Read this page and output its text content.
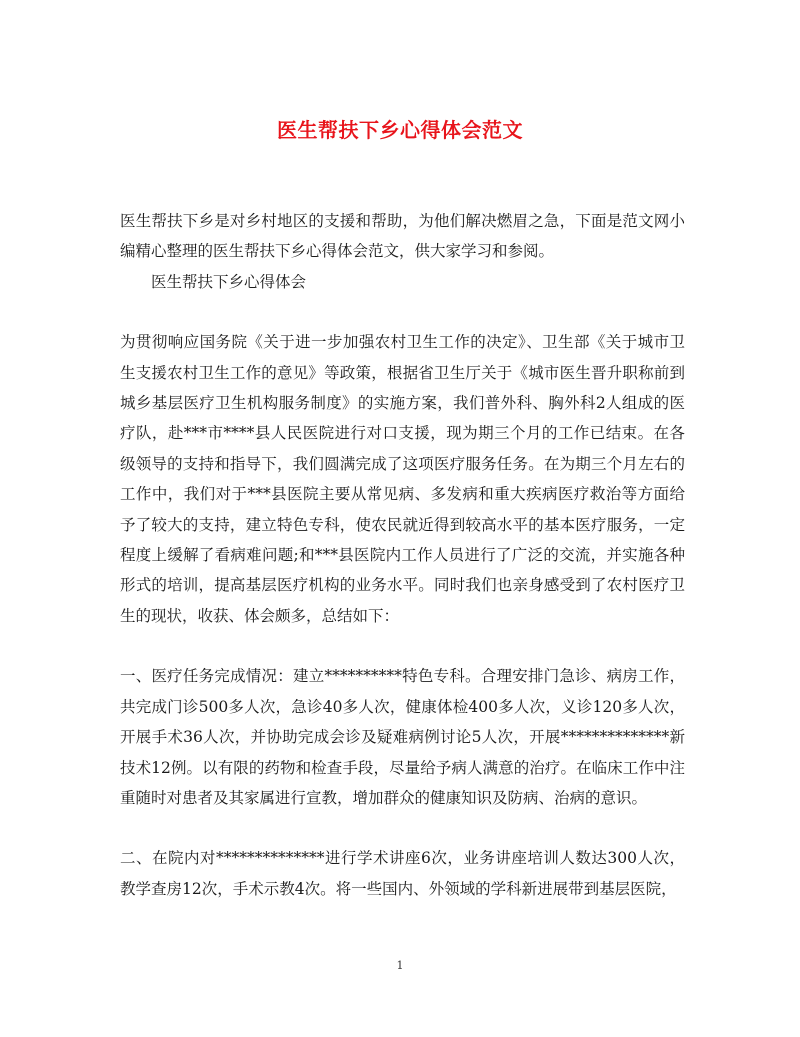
医生帮扶下乡心得体会范文

医生帮扶下乡是对乡村地区的支援和帮助，为他们解决燃眉之急，下面是范文网小编精心整理的医生帮扶下乡心得体会范文，供大家学习和参阅。

医生帮扶下乡心得体会

为贯彻响应国务院《关于进一步加强农村卫生工作的决定》、卫生部《关于城市卫生支援农村卫生工作的意见》等政策，根据省卫生厅关于《城市医生晋升职称前到城乡基层医疗卫生机构服务制度》的实施方案，我们普外科、胸外科2人组成的医疗队，赴***市****县人民医院进行对口支援，现为期三个月的工作已结束。在各级领导的支持和指导下，我们圆满完成了这项医疗服务任务。在为期三个月左右的工作中，我们对于***县医院主要从常见病、多发病和重大疾病医疗救治等方面给予了较大的支持，建立特色专科，使农民就近得到较高水平的基本医疗服务，一定程度上缓解了看病难问题;和***县医院内工作人员进行了广泛的交流，并实施各种形式的培训，提高基层医疗机构的业务水平。同时我们也亲身感受到了农村医疗卫生的现状，收获、体会颇多，总结如下：

一、医疗任务完成情况：建立**********特色专科。合理安排门急诊、病房工作，共完成门诊500多人次，急诊40多人次，健康体检400多人次，义诊120多人次，开展手术36人次，并协助完成会诊及疑难病例讨论5人次，开展**************新技术12例。以有限的药物和检查手段，尽量给予病人满意的治疗。在临床工作中注重随时对患者及其家属进行宣教，增加群众的健康知识及防病、治病的意识。

二、在院内对**************进行学术讲座6次，业务讲座培训人数达300人次，教学查房12次，手术示教4次。将一些国内、外领域的学科新进展带到基层医院，

1
